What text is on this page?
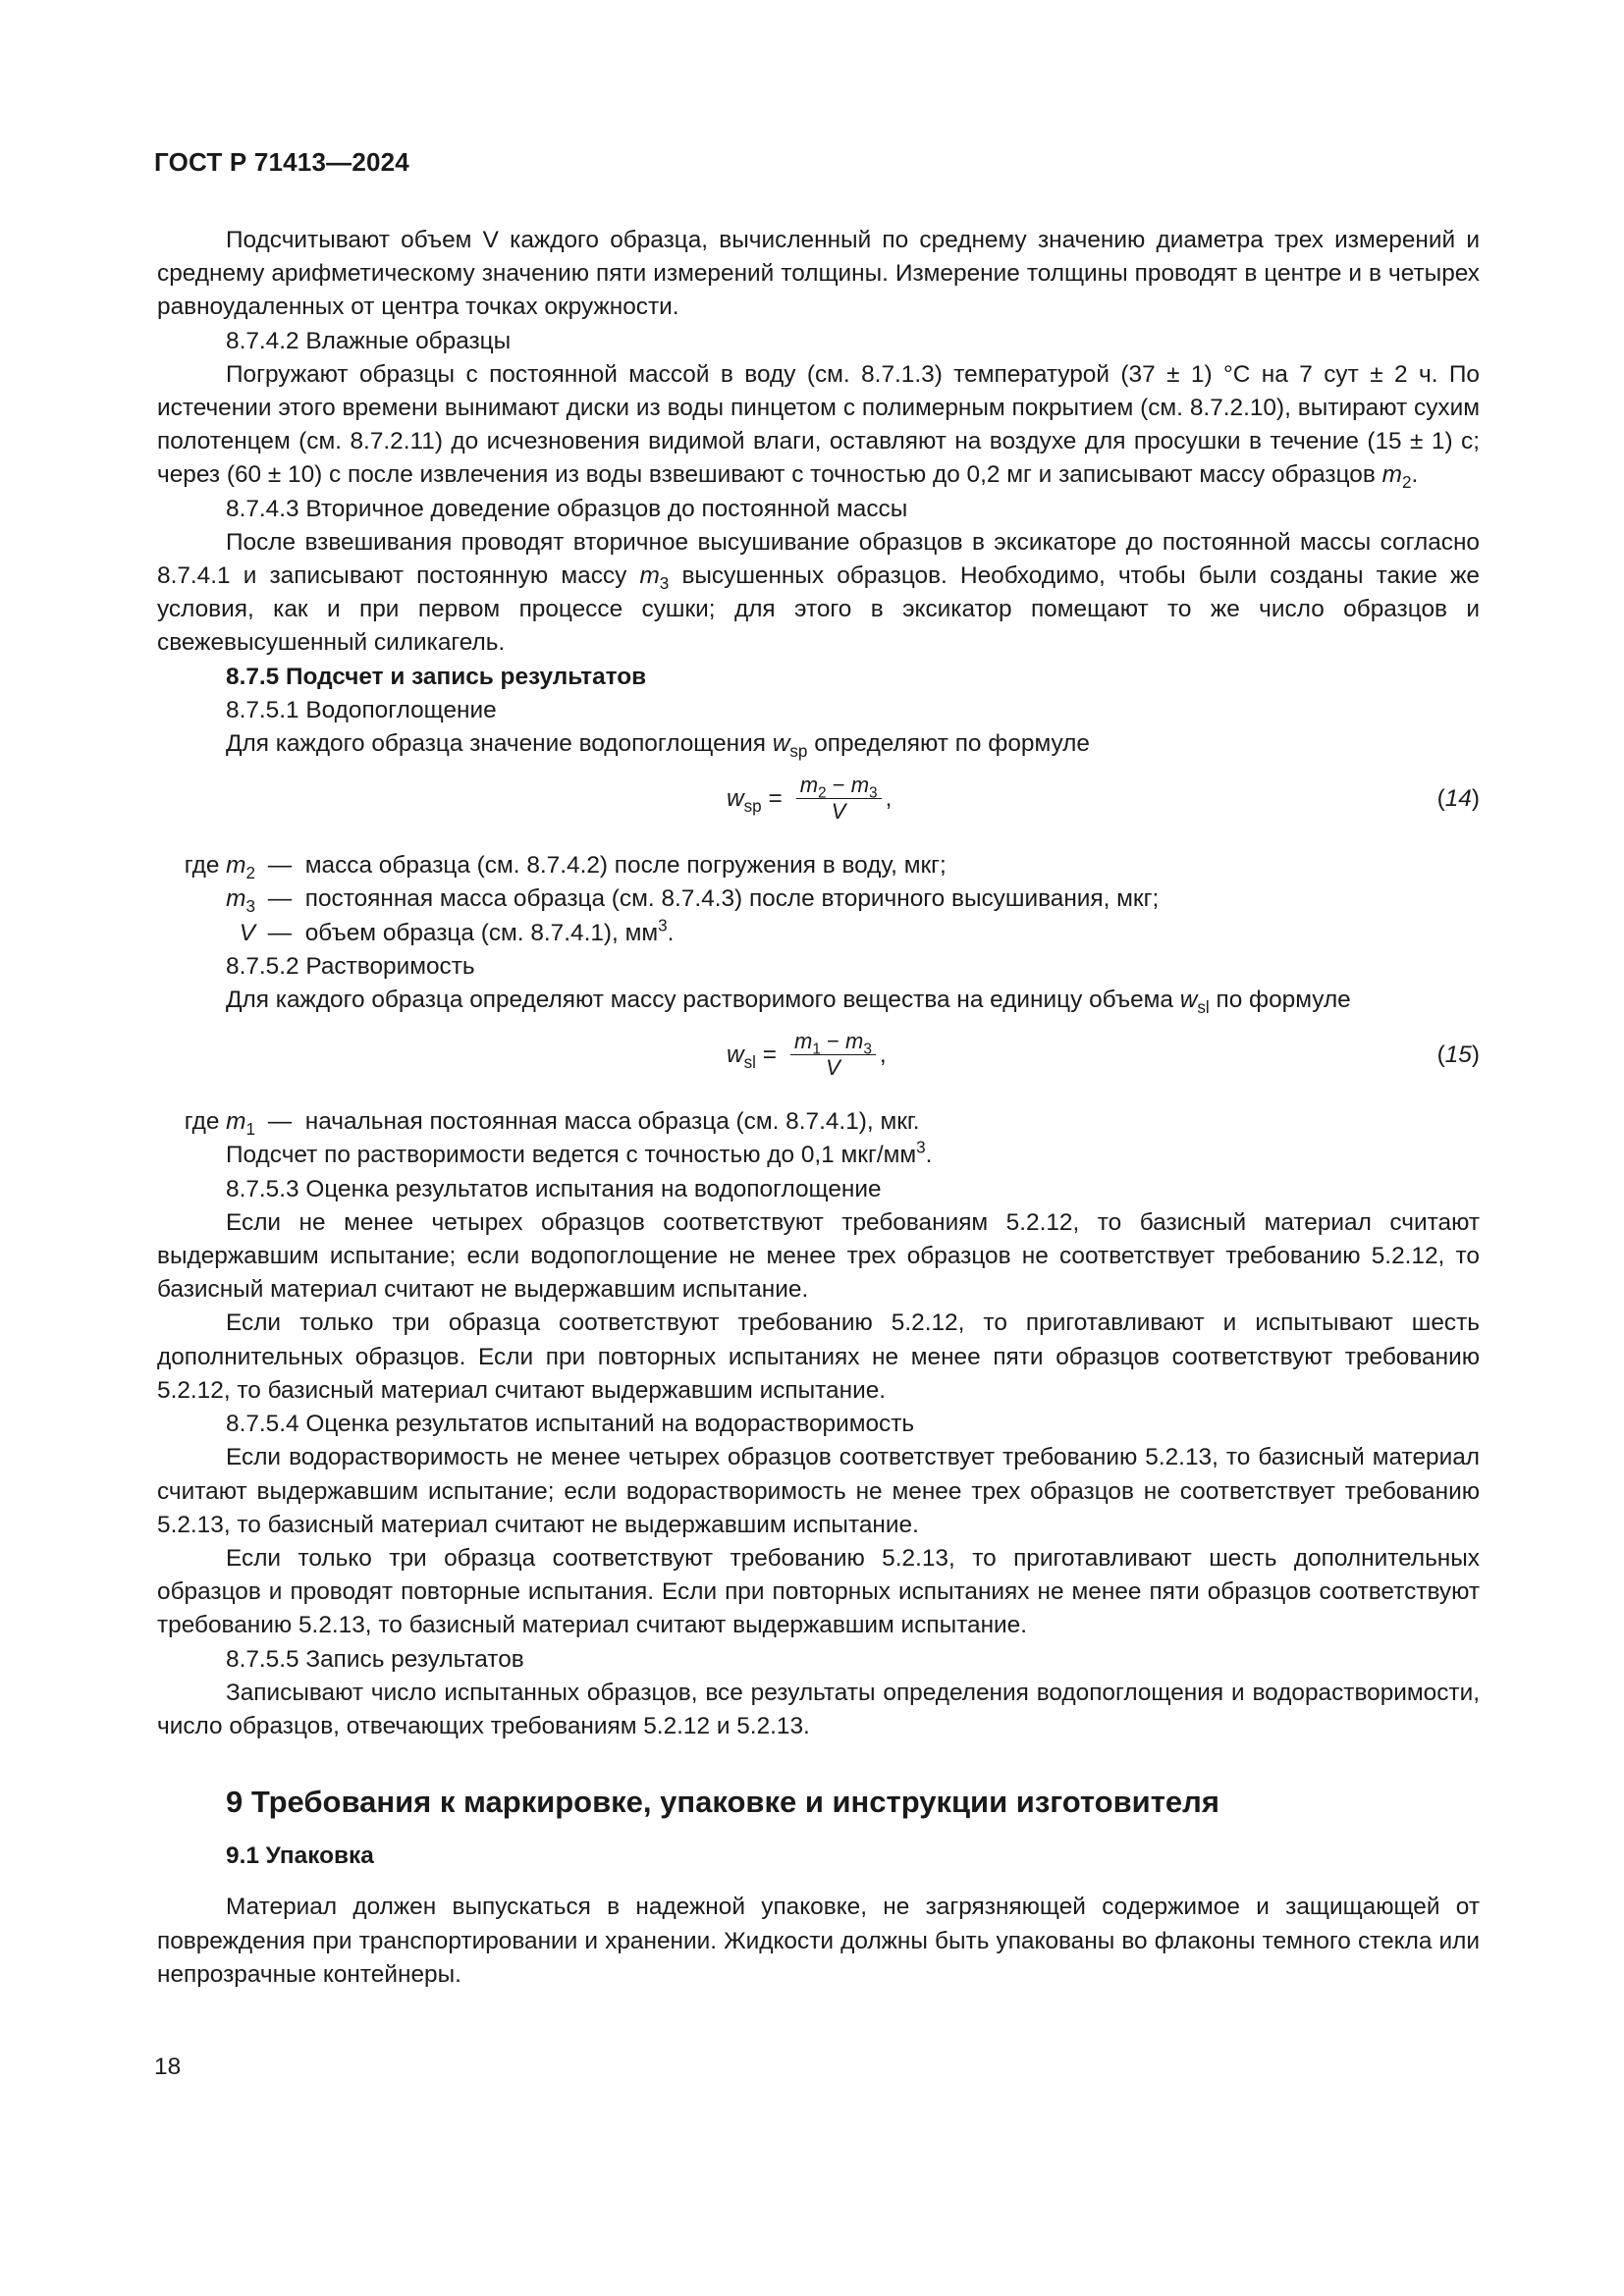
ГОСТ Р 71413—2024

Подсчитывают объем V каждого образца, вычисленный по среднему значению диаметра трех измерений и среднему арифметическому значению пяти измерений толщины. Измерение толщины проводят в центре и в четырех равноудаленных от центра точках окружности.

8.7.4.2 Влажные образцы

Погружают образцы с постоянной массой в воду (см. 8.7.1.3) температурой (37 ± 1) °С на 7 сут ± 2 ч. По истечении этого времени вынимают диски из воды пинцетом с полимерным покрытием (см. 8.7.2.10), вытирают сухим полотенцем (см. 8.7.2.11) до исчезновения видимой влаги, оставляют на воздухе для просушки в течение (15 ± 1) с; через (60 ± 10) с после извлечения из воды взвешивают с точностью до 0,2 мг и записывают массу образцов $m_2$.

8.7.4.3 Вторичное доведение образцов до постоянной массы

После взвешивания проводят вторичное высушивание образцов в эксикаторе до постоянной массы согласно 8.7.4.1 и записывают постоянную массу $m_3$ высушенных образцов. Необходимо, чтобы были созданы такие же условия, как и при первом процессе сушки; для этого в эксикатор помещают то же число образцов и свежевысушенный силикагель.

8.7.5 Подсчет и запись результатов

8.7.5.1 Водопоглощение

Для каждого образца значение водопоглощения $w_{sp}$ определяют по формуле

$w_{sp} = \frac{m_2 - m_3}{V}$ ,	(14)
где $m_2$ — масса образца (см. 8.7.4.2) после погружения в воду, мкг;
$m_3$ — постоянная масса образца (см. 8.7.4.3) после вторичного высушивания, мкг;
V — объем образца (см. 8.7.4.1), $мм^3$.

8.7.5.2 Растворимость

Для каждого образца определяют массу растворимого вещества на единицу объема $w_{sl}$ по формуле

$w_{sl} = \frac{m_1 - m_3}{V}$ ,	(15)
где $m_1$ — начальная постоянная масса образца (см. 8.7.4.1), мкг.

Подсчет по растворимости ведется с точностью до 0,1 мкг/$мм^3$.

8.7.5.3 Оценка результатов испытания на водопоглощение

Если не менее четырех образцов соответствуют требованиям 5.2.12, то базисный материал считают выдержавшим испытание; если водопоглощение не менее трех образцов не соответствует требованию 5.2.12, то базисный материал считают не выдержавшим испытание.

Если только три образца соответствуют требованию 5.2.12, то приготавливают и испытывают шесть дополнительных образцов. Если при повторных испытаниях не менее пяти образцов соответствуют требованию 5.2.12, то базисный материал считают выдержавшим испытание.

8.7.5.4 Оценка результатов испытаний на водорастворимость

Если водорастворимость не менее четырех образцов соответствует требованию 5.2.13, то базисный материал считают выдержавшим испытание; если водорастворимость не менее трех образцов не соответствует требованию 5.2.13, то базисный материал считают не выдержавшим испытание.

Если только три образца соответствуют требованию 5.2.13, то приготавливают шесть дополнительных образцов и проводят повторные испытания. Если при повторных испытаниях не менее пяти образцов соответствуют требованию 5.2.13, то базисный материал считают выдержавшим испытание.

8.7.5.5 Запись результатов

Записывают число испытанных образцов, все результаты определения водопоглощения и водорастворимости, число образцов, отвечающих требованиям 5.2.12 и 5.2.13.

9 Требования к маркировке, упаковке и инструкции изготовителя
9.1 Упаковка

Материал должен выпускаться в надежной упаковке, не загрязняющей содержимое и защищающей от повреждения при транспортировании и хранении. Жидкости должны быть упакованы во флаконы темного стекла или непрозрачные контейнеры.

18
